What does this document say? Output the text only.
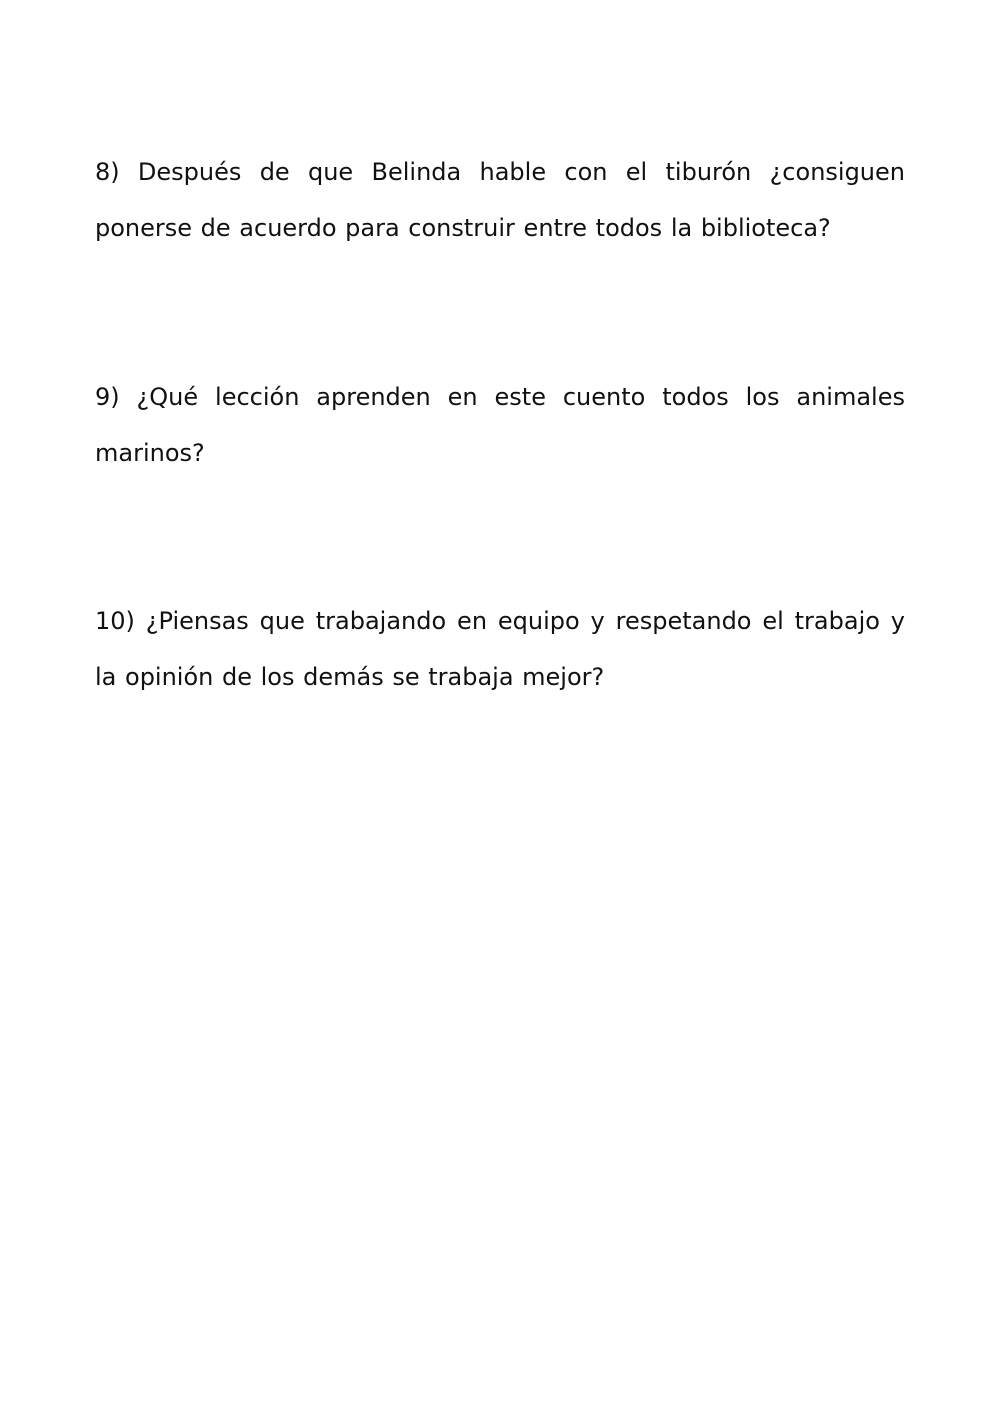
8) Después de que Belinda hable con el tiburón ¿consiguen ponerse de acuerdo para construir entre todos la biblioteca?

9) ¿Qué lección aprenden en este cuento todos los animales marinos?

10) ¿Piensas que trabajando en equipo y respetando el trabajo y la opinión de los demás se trabaja mejor?
